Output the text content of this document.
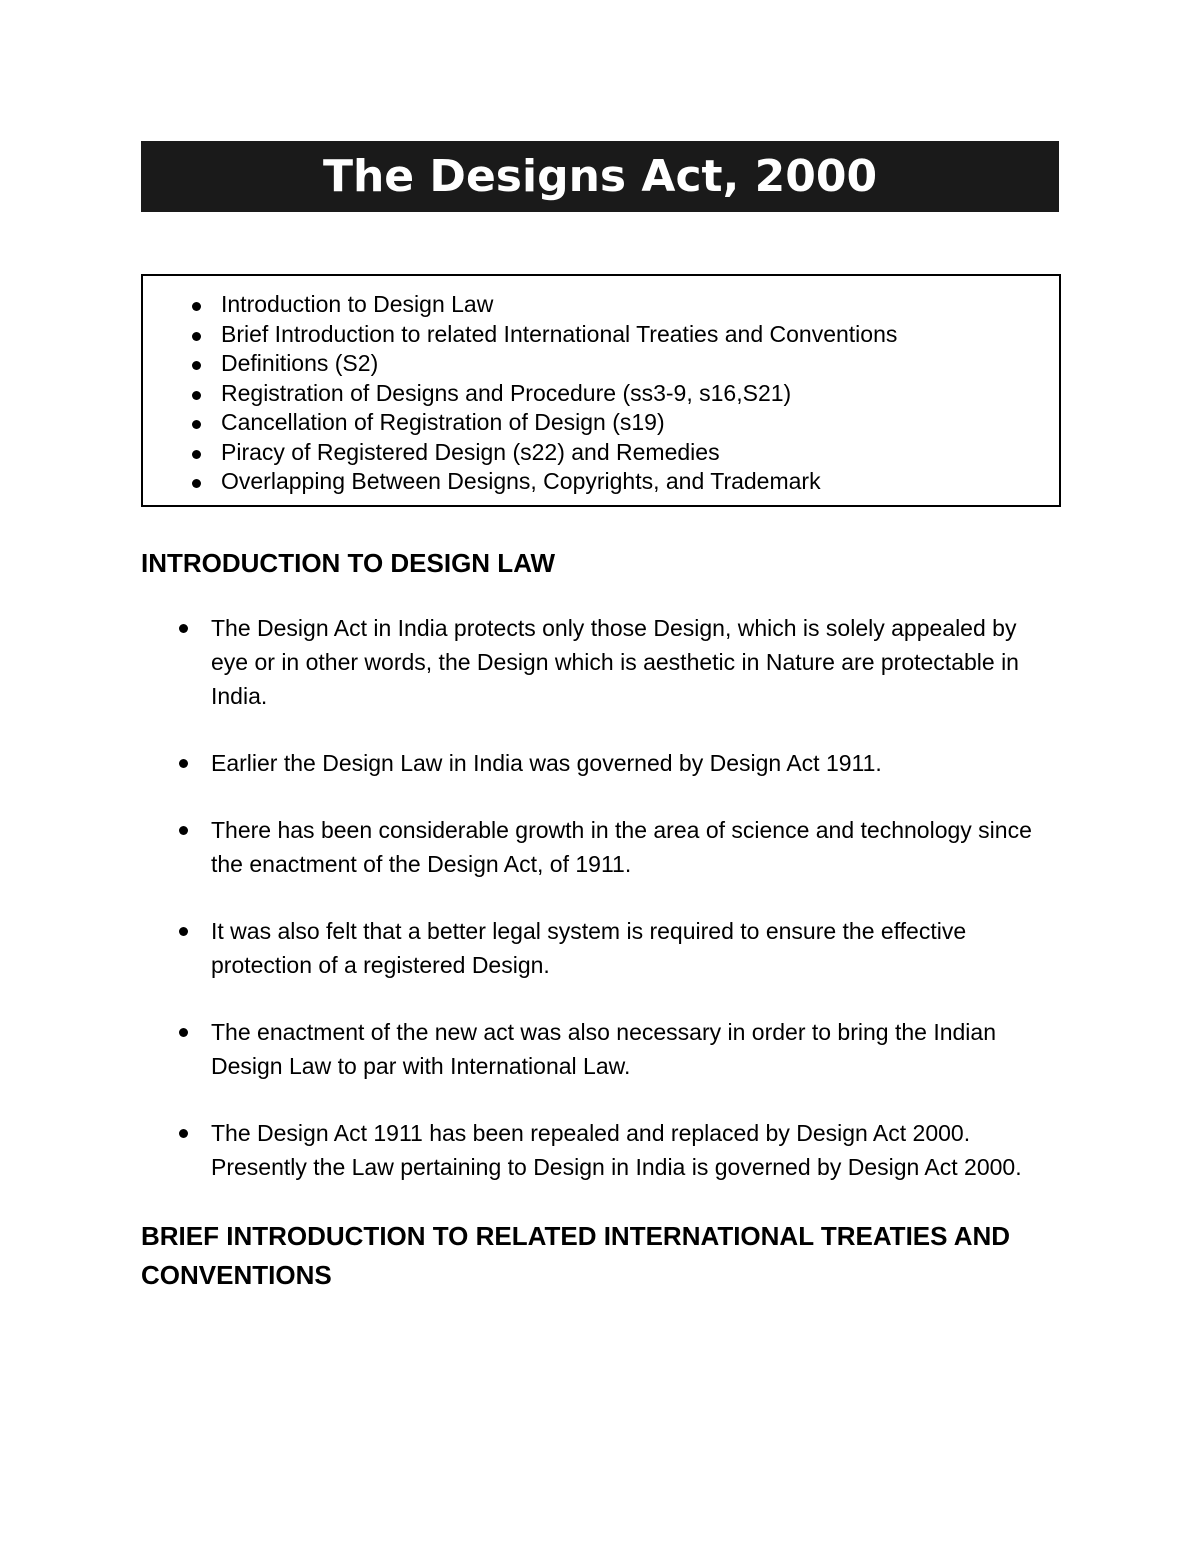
The Designs Act, 2000
Introduction to Design Law
Brief Introduction to related International Treaties and Conventions
Definitions (S2)
Registration of Designs and Procedure (ss3-9, s16,S21)
Cancellation of Registration of Design (s19)
Piracy of Registered Design (s22) and Remedies
Overlapping Between Designs, Copyrights, and Trademark
INTRODUCTION TO DESIGN LAW
The Design Act in India protects only those Design, which is solely appealed by eye or in other words, the Design which is aesthetic in Nature are protectable in India.
Earlier the Design Law in India was governed by Design Act 1911.
There has been considerable growth in the area of science and technology since the enactment of the Design Act, of 1911.
It was also felt that a better legal system is required to ensure the effective protection of a registered Design.
The enactment of the new act was also necessary in order to bring the Indian Design Law to par with International Law.
The Design Act 1911 has been repealed and replaced by Design Act 2000. Presently the Law pertaining to Design in India is governed by Design Act 2000.
BRIEF INTRODUCTION TO RELATED INTERNATIONAL TREATIES AND CONVENTIONS
